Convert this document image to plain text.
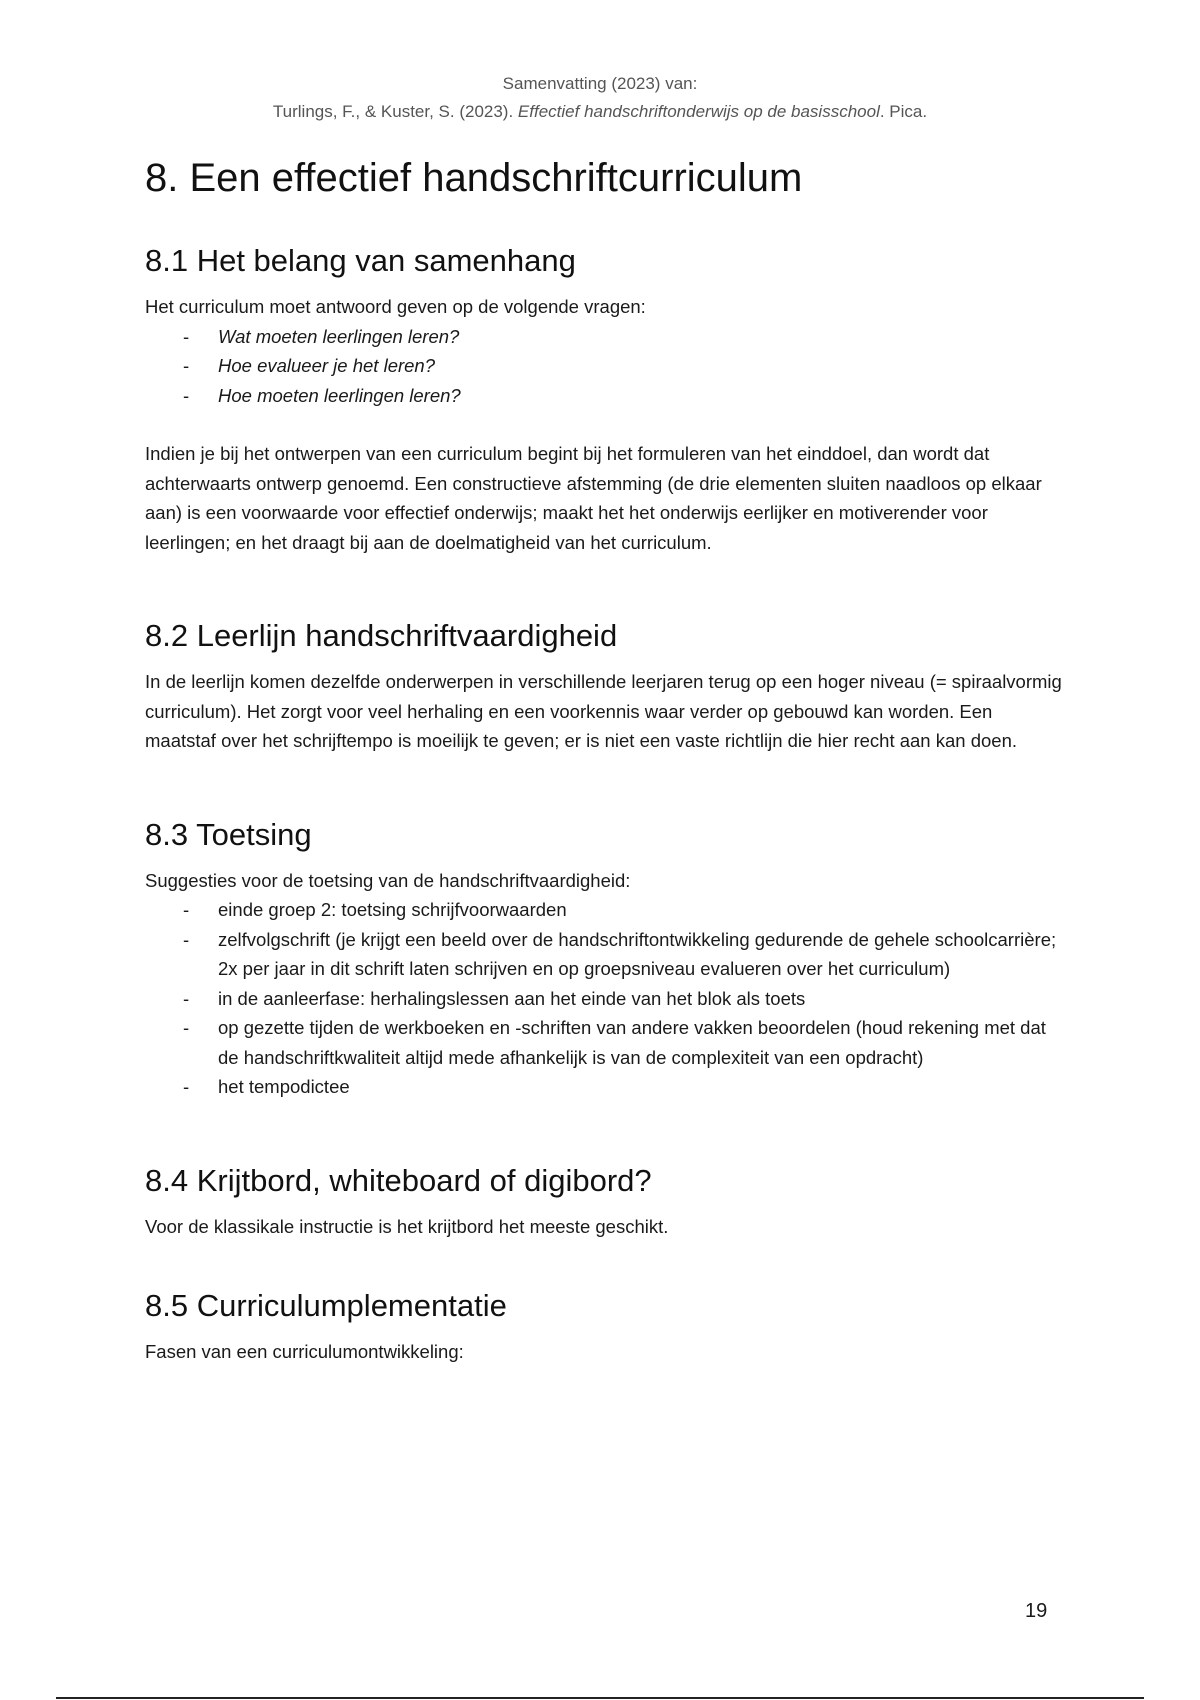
Samenvatting (2023) van:
Turlings, F., & Kuster, S. (2023). Effectief handschriftonderwijs op de basisschool. Pica.
8. Een effectief handschriftcurriculum
8.1 Het belang van samenhang

Het curriculum moet antwoord geven op de volgende vragen:

- Wat moeten leerlingen leren?
- Hoe evalueer je het leren?
- Hoe moeten leerlingen leren?

Indien je bij het ontwerpen van een curriculum begint bij het formuleren van het einddoel, dan wordt dat achterwaarts ontwerp genoemd. Een constructieve afstemming (de drie elementen sluiten naadloos op elkaar aan) is een voorwaarde voor effectief onderwijs; maakt het het onderwijs eerlijker en motiverender voor leerlingen; en het draagt bij aan de doelmatigheid van het curriculum.

8.2 Leerlijn handschriftvaardigheid

In de leerlijn komen dezelfde onderwerpen in verschillende leerjaren terug op een hoger niveau (= spiraalvormig curriculum). Het zorgt voor veel herhaling en een voorkennis waar verder op gebouwd kan worden. Een maatstaf over het schrijftempo is moeilijk te geven; er is niet een vaste richtlijn die hier recht aan kan doen.

8.3 Toetsing

Suggesties voor de toetsing van de handschriftvaardigheid:

- einde groep 2: toetsing schrijfvoorwaarden
- zelfvolgschrift (je krijgt een beeld over de handschriftontwikkeling gedurende de gehele schoolcarrière; 2x per jaar in dit schrift laten schrijven en op groepsniveau evalueren over het curriculum)
- in de aanleerfase: herhalingslessen aan het einde van het blok als toets
- op gezette tijden de werkboeken en -schriften van andere vakken beoordelen (houd rekening met dat de handschriftkwaliteit altijd mede afhankelijk is van de complexiteit van een opdracht)
- het tempodictee
8.4 Krijtbord, whiteboard of digibord?

Voor de klassikale instructie is het krijtbord het meeste geschikt.

8.5 Curriculumplementatie

Fasen van een curriculumontwikkeling:

19
